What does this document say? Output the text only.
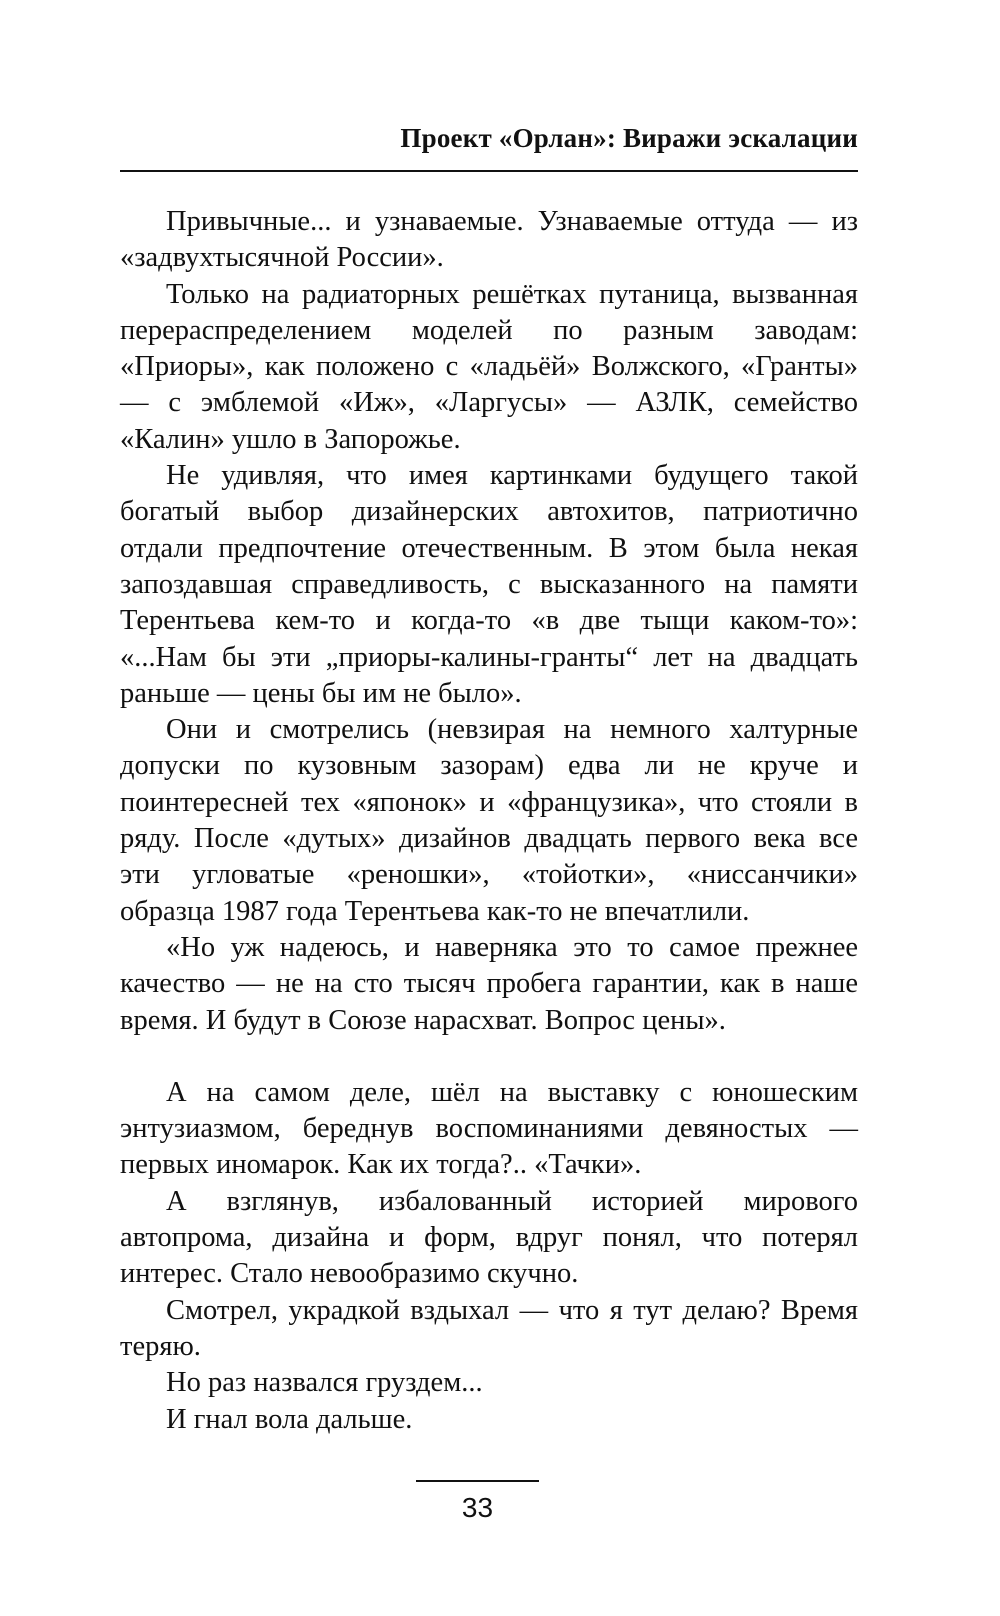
Проект «Орлан»: Виражи эскалации

Привычные... и узнаваемые. Узнаваемые оттуда — из «задвухтысячной России».

Только на радиаторных решётках путаница, вызванная перераспределением моделей по разным заводам: «Приоры», как положено с «ладьёй» Волжского, «Гранты» — с эмблемой «Иж», «Ларгусы» — АЗЛК, семейство «Калин» ушло в Запорожье.

Не удивляя, что имея картинками будущего такой богатый выбор дизайнерских автохитов, патриотично отдали предпочтение отечественным. В этом была некая запоздавшая справедливость, с высказанного на памяти Терентьева кем-то и когда-то «в две тыщи каком-то»: «...Нам бы эти „приоры-калины-гранты“ лет на двадцать раньше — цены бы им не было».

Они и смотрелись (невзирая на немного халтурные допуски по кузовным зазорам) едва ли не круче и поинтересней тех «японок» и «французика», что стояли в ряду. После «дутых» дизайнов двадцать первого века все эти угловатые «реношки», «тойотки», «ниссанчики» образца 1987 года Терентьева как-то не впечатлили.

«Но уж надеюсь, и наверняка это то самое прежнее качество — не на сто тысяч пробега гарантии, как в наше время. И будут в Союзе нарасхват. Вопрос цены».

А на самом деле, шёл на выставку с юношеским энтузиазмом, береднув воспоминаниями девяностых — первых иномарок. Как их тогда?.. «Тачки».

А взглянув, избалованный историей мирового автопрома, дизайна и форм, вдруг понял, что потерял интерес. Стало невообразимо скучно.

Смотрел, украдкой вздыхал — что я тут делаю? Время теряю.

Но раз назвался груздем...

И гнал вола дальше.

33
